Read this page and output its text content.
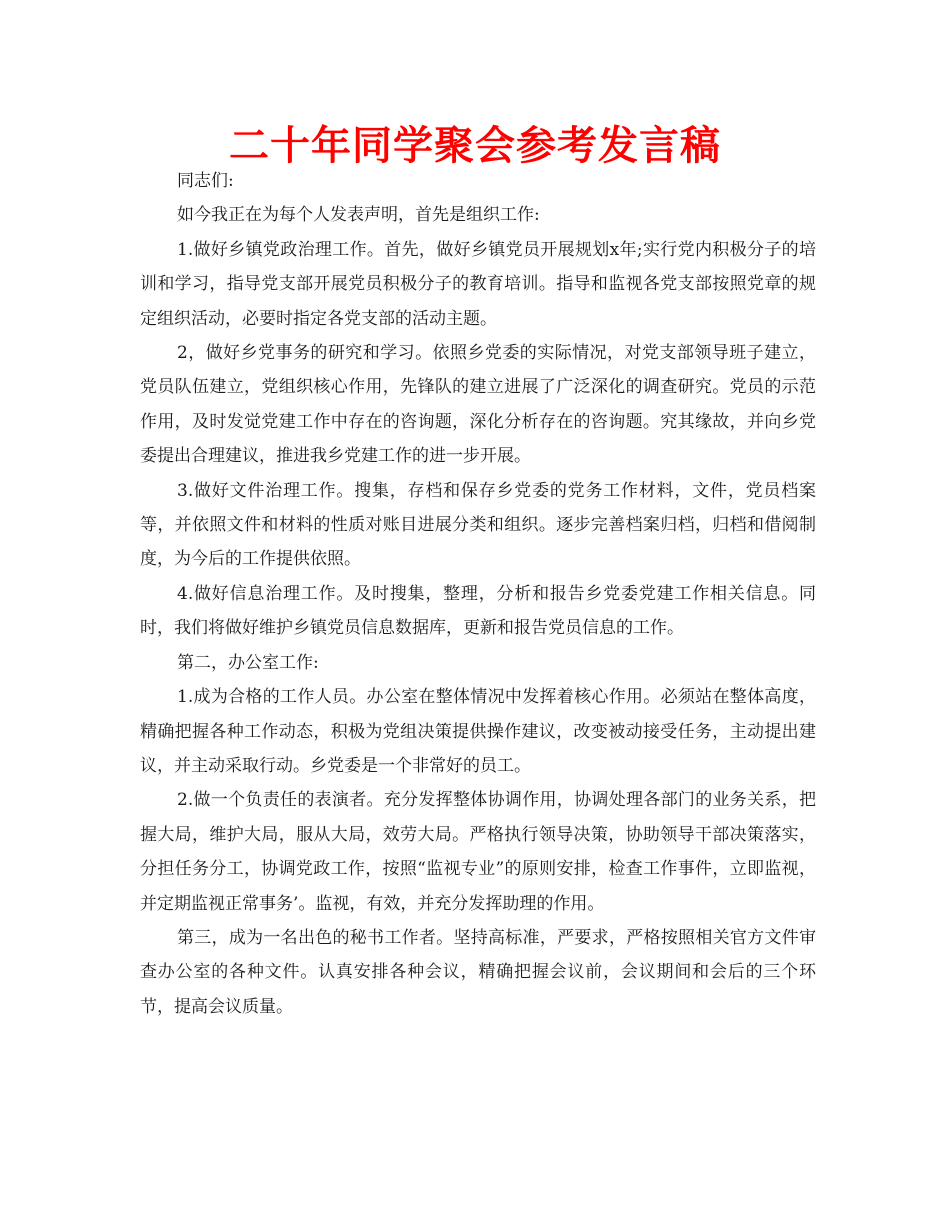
二十年同学聚会参考发言稿

同志们:

如今我正在为每个人发表声明，首先是组织工作:

1.做好乡镇党政治理工作。首先，做好乡镇党员开展规划x年;实行党内积极分子的培训和学习，指导党支部开展党员积极分子的教育培训。指导和监视各党支部按照党章的规定组织活动，必要时指定各党支部的活动主题。

2，做好乡党事务的研究和学习。依照乡党委的实际情况，对党支部领导班子建立，党员队伍建立，党组织核心作用，先锋队的建立进展了广泛深化的调查研究。党员的示范作用，及时发觉党建工作中存在的咨询题，深化分析存在的咨询题。究其缘故，并向乡党委提出合理建议，推进我乡党建工作的进一步开展。

3.做好文件治理工作。搜集，存档和保存乡党委的党务工作材料，文件，党员档案等，并依照文件和材料的性质对账目进展分类和组织。逐步完善档案归档，归档和借阅制度，为今后的工作提供依照。

4.做好信息治理工作。及时搜集，整理，分析和报告乡党委党建工作相关信息。同时，我们将做好维护乡镇党员信息数据库，更新和报告党员信息的工作。

第二，办公室工作:

1.成为合格的工作人员。办公室在整体情况中发挥着核心作用。必须站在整体高度，精确把握各种工作动态，积极为党组决策提供操作建议，改变被动接受任务，主动提出建议，并主动采取行动。乡党委是一个非常好的员工。

2.做一个负责任的表演者。充分发挥整体协调作用，协调处理各部门的业务关系，把握大局，维护大局，服从大局，效劳大局。严格执行领导决策，协助领导干部决策落实，分担任务分工，协调党政工作，按照“监视专业”的原则安排，检查工作事件，立即监视，并定期监视正常事务’。监视，有效，并充分发挥助理的作用。

第三，成为一名出色的秘书工作者。坚持高标准，严要求，严格按照相关官方文件审查办公室的各种文件。认真安排各种会议，精确把握会议前，会议期间和会后的三个环节，提高会议质量。
